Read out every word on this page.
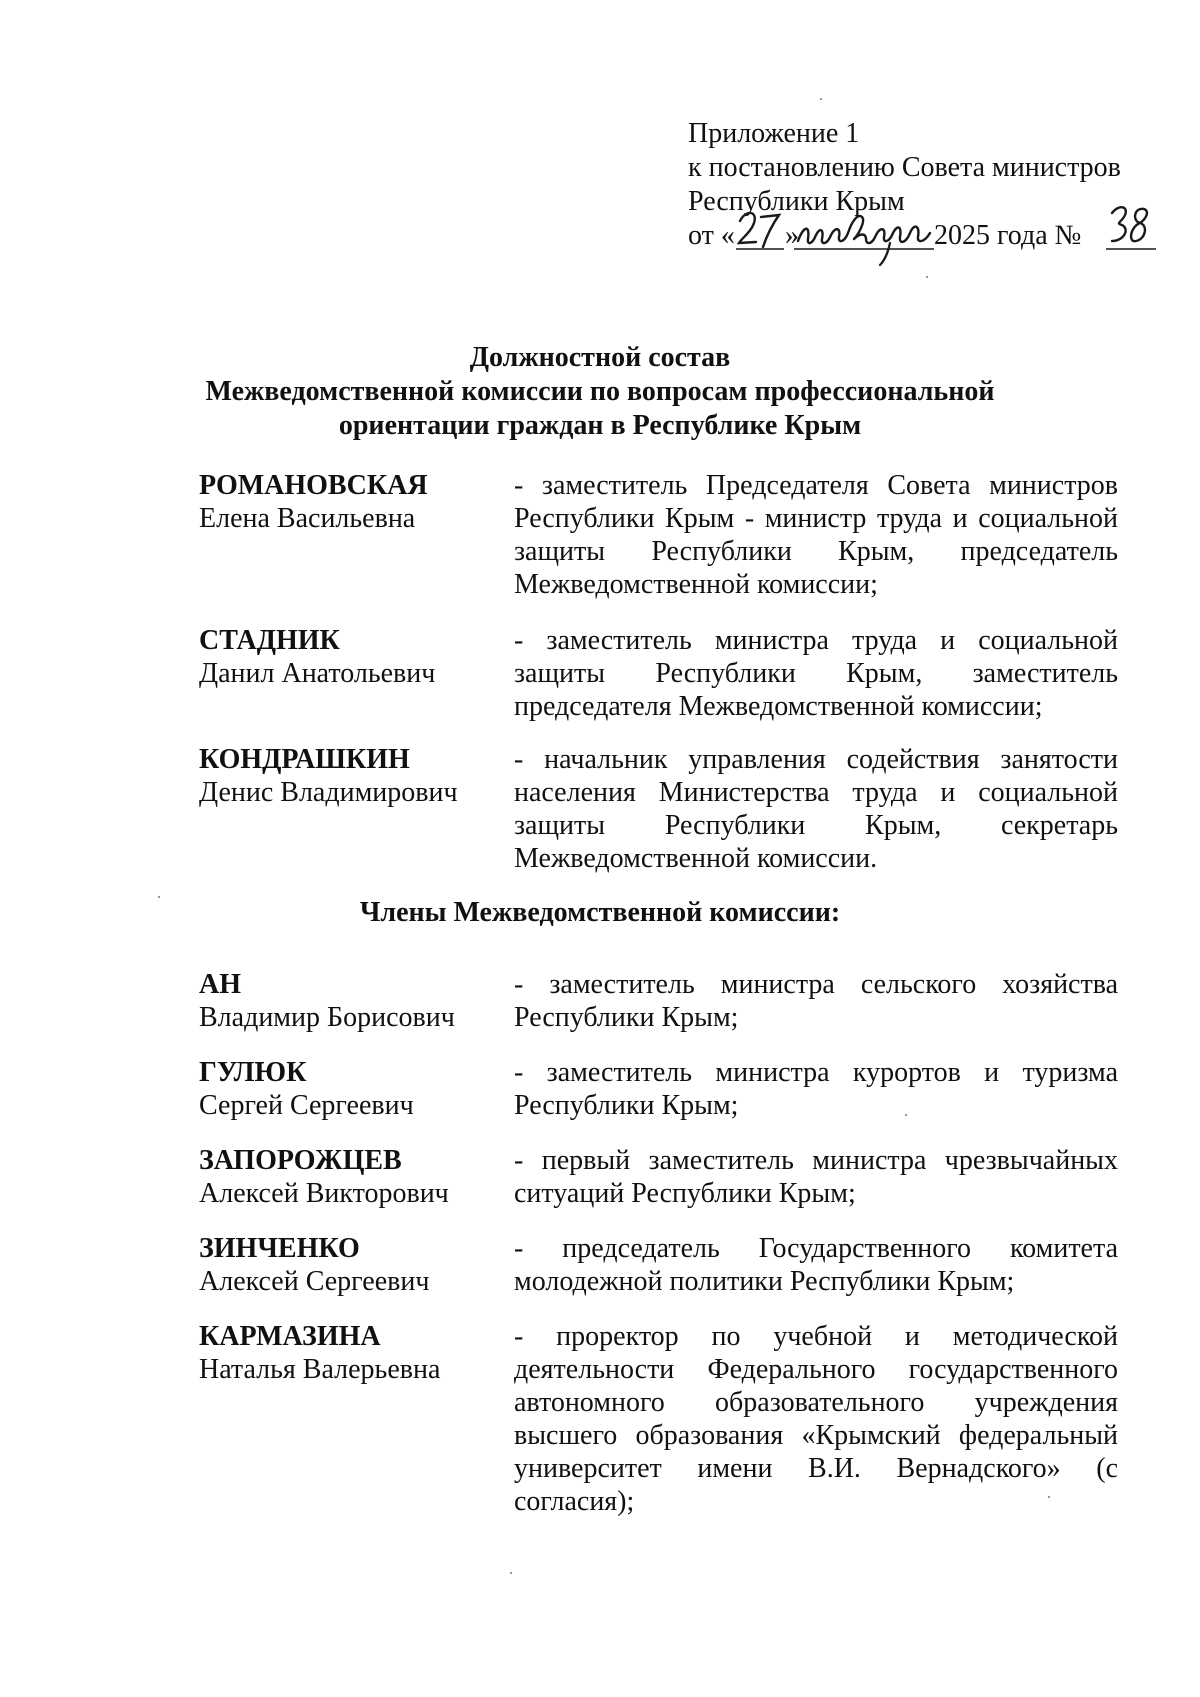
Приложение 1
к постановлению Совета министров
Республики Крым
от « »	2025 года №
Должностной состав
Межведомственной комиссии по вопросам профессиональной
ориентации граждан в Республике Крым
РОМАНОВСКАЯ
Елена Васильевна
- заместитель Председателя Совета министров Республики Крым - министр труда и социальной защиты Республики Крым, председатель Межведомственной комиссии;
СТАДНИК
Данил Анатольевич
- заместитель министра труда и социальной защиты Республики Крым, заместитель председателя Межведомственной комиссии;
КОНДРАШКИН
Денис Владимирович
- начальник управления содействия занятости населения Министерства труда и социальной защиты Республики Крым, секретарь Межведомственной комиссии.
Члены Межведомственной комиссии:
АН
Владимир Борисович
- заместитель министра сельского хозяйства Республики Крым;
ГУЛЮК
Сергей Сергеевич
- заместитель министра курортов и туризма Республики Крым;
ЗАПОРОЖЦЕВ
Алексей Викторович
- первый заместитель министра чрезвычайных ситуаций Республики Крым;
ЗИНЧЕНКО
Алексей Сергеевич
- председатель Государственного комитета молодежной политики Республики Крым;
КАРМАЗИНА
Наталья Валерьевна
- проректор по учебной и методической деятельности Федерального государственного автономного образовательного учреждения высшего образования «Крымский федеральный университет имени В.И. Вернадского» (с согласия);
